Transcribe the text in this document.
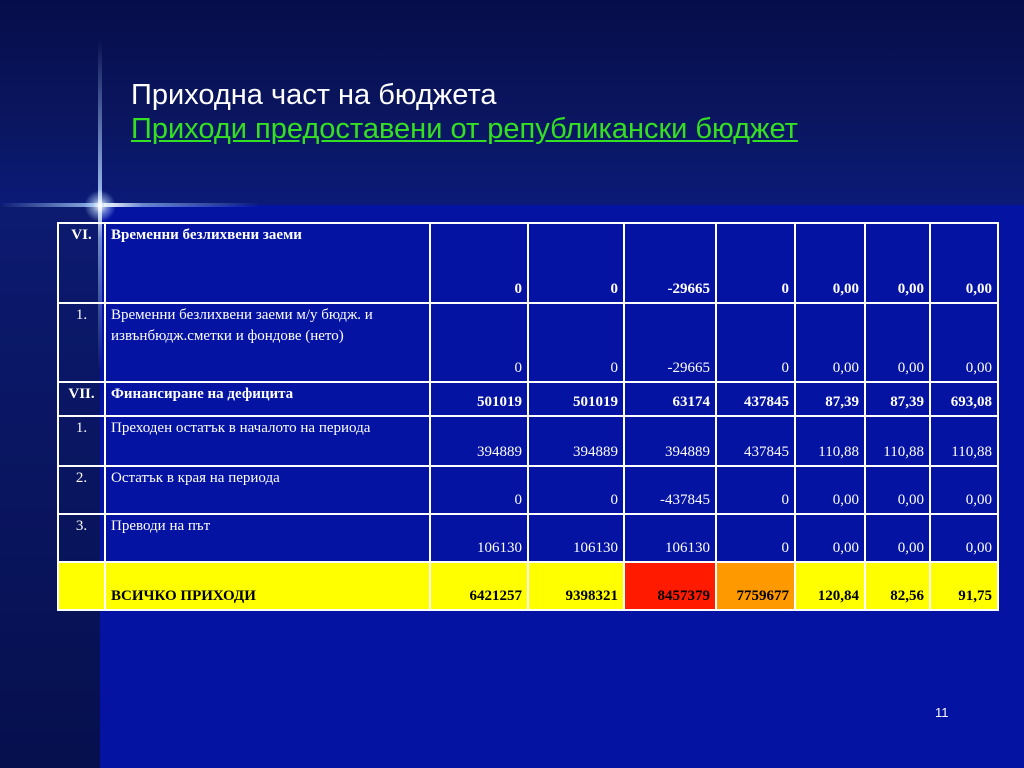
Приходна част на бюджета
Приходи предоставени от републикански бюджет
VI.	Временни безлихвени заеми	0	0	-29665	0	0,00	0,00	0,00
1.	Временни безлихвени заеми м/у бюдж. и извънбюдж.сметки и фондове (нето)	0	0	-29665	0	0,00	0,00	0,00
VII.	Финансиране на дефицита	501019	501019	63174	437845	87,39	87,39	693,08
1.	Преходен остатък в началото на периода	394889	394889	394889	437845	110,88	110,88	110,88
2.	Остатък в края на периода	0	0	-437845	0	0,00	0,00	0,00
3.	Преводи на път	106130	106130	106130	0	0,00	0,00	0,00
	ВСИЧКО ПРИХОДИ	6421257	9398321	8457379	7759677	120,84	82,56	91,75
11
